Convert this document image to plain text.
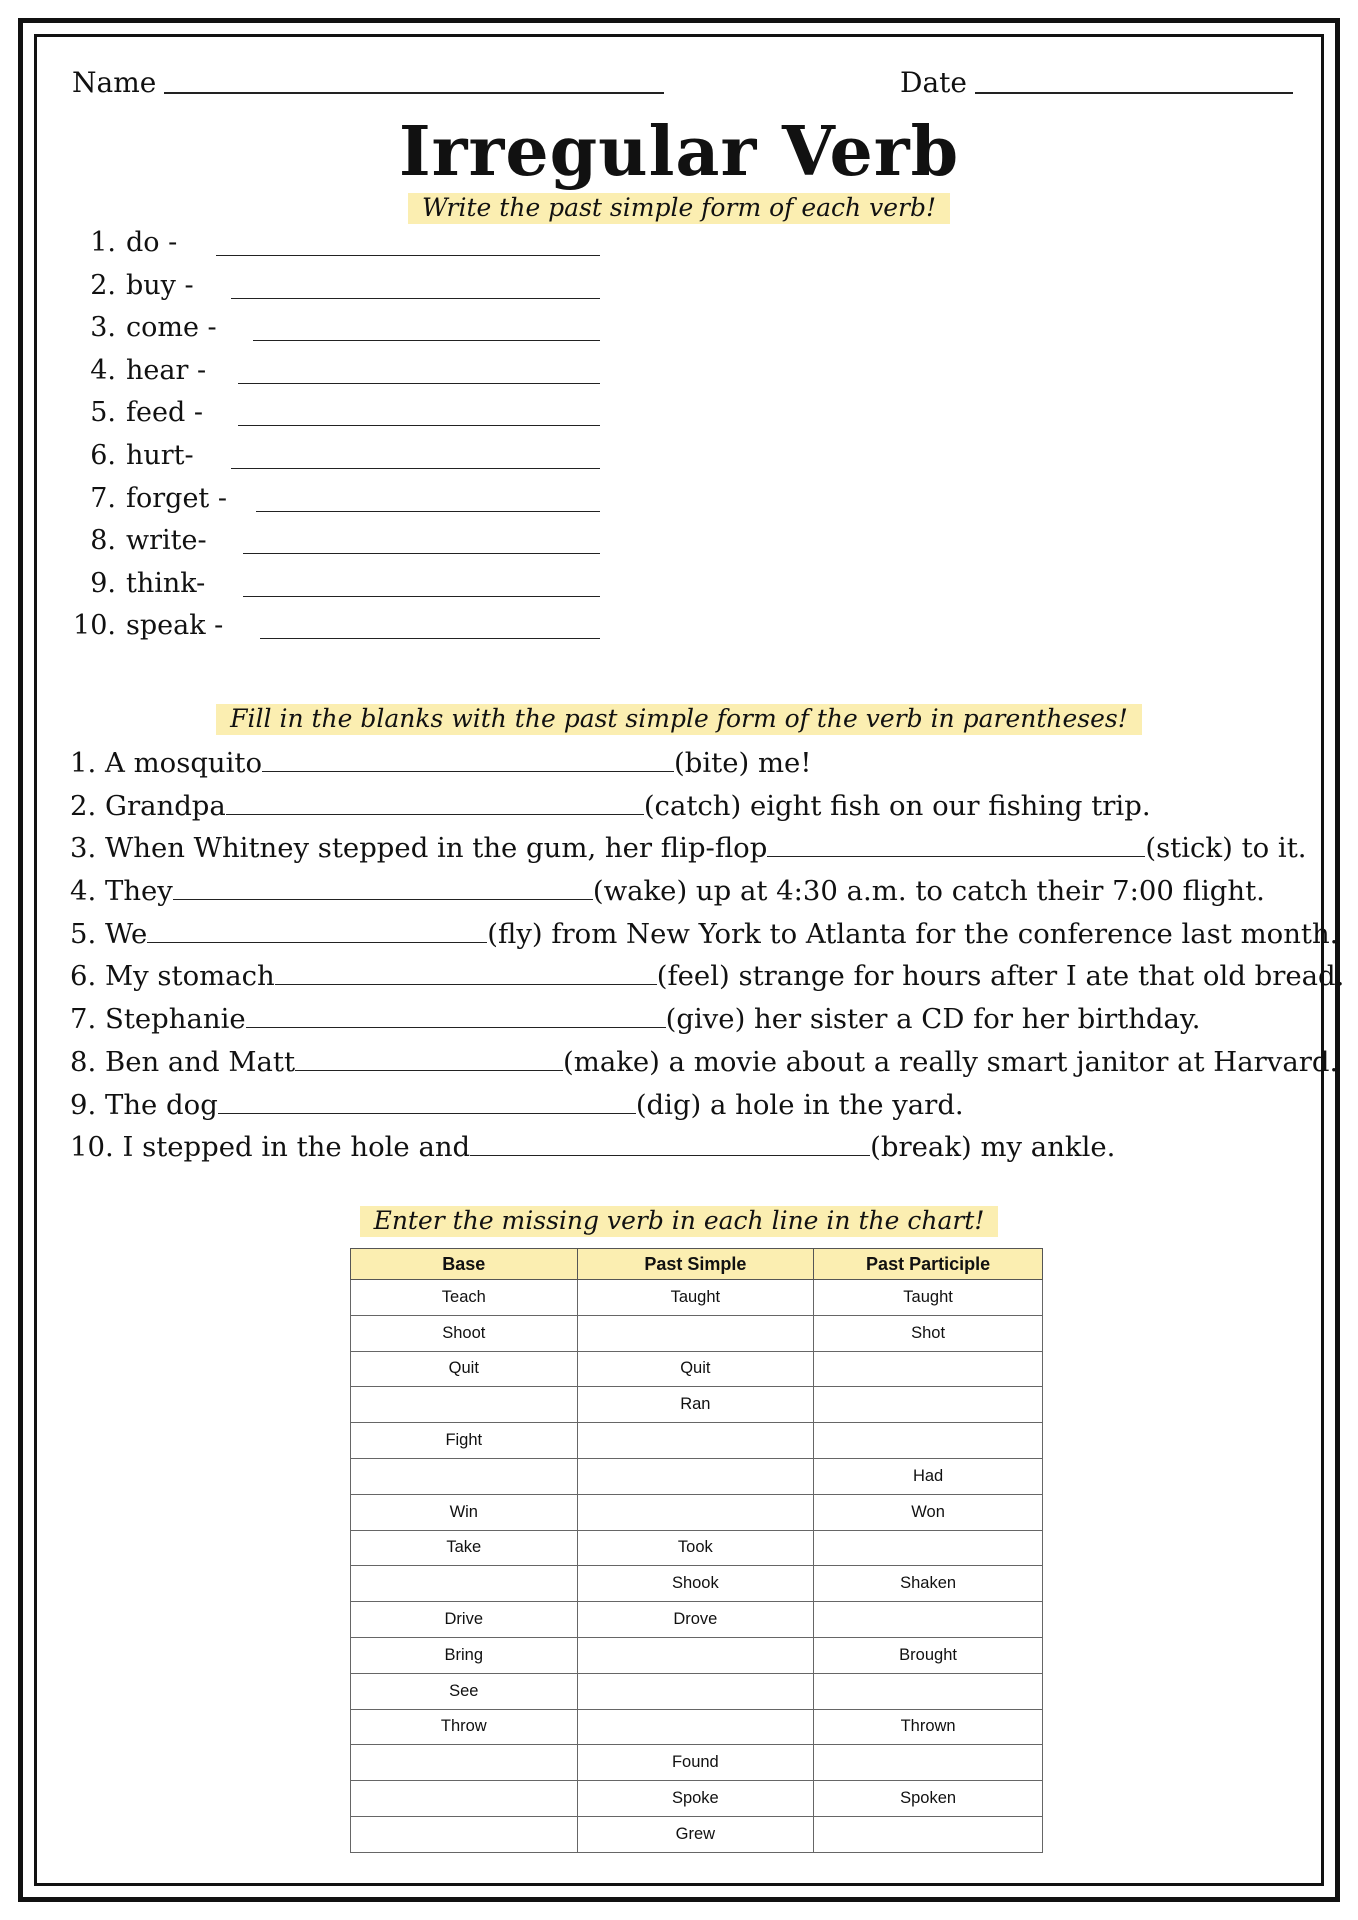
Name	Date
Irregular Verb
Write the past simple form of each verb!
1. do -
2. buy -
3. come -
4. hear -
5. feed -
6. hurt-
7. forget -
8. write-
9. think-
10. speak -
Fill in the blanks with the past simple form of the verb in parentheses!
1. A mosquito	(bite) me!
2. Grandpa	(catch) eight fish on our fishing trip.
3. When Whitney stepped in the gum, her flip-flop	(stick) to it.
4. They	(wake) up at 4:30 a.m. to catch their 7:00 flight.
5. We	(fly) from New York to Atlanta for the conference last month.
6. My stomach	(feel) strange for hours after I ate that old bread.
7. Stephanie	(give) her sister a CD for her birthday.
8. Ben and Matt	(make) a movie about a really smart janitor at Harvard.
9. The dog	(dig) a hole in the yard.
10. I stepped in the hole and	(break) my ankle.
Enter the missing verb in each line in the chart!
Base	Past Simple	Past Participle
Teach	Taught	Taught
Shoot		Shot
Quit	Quit	
	Ran	
Fight		
		Had
Win		Won
Take	Took	
	Shook	Shaken
Drive	Drove	
Bring		Brought
See		
Throw		Thrown
	Found	
	Spoke	Spoken
	Grew	
